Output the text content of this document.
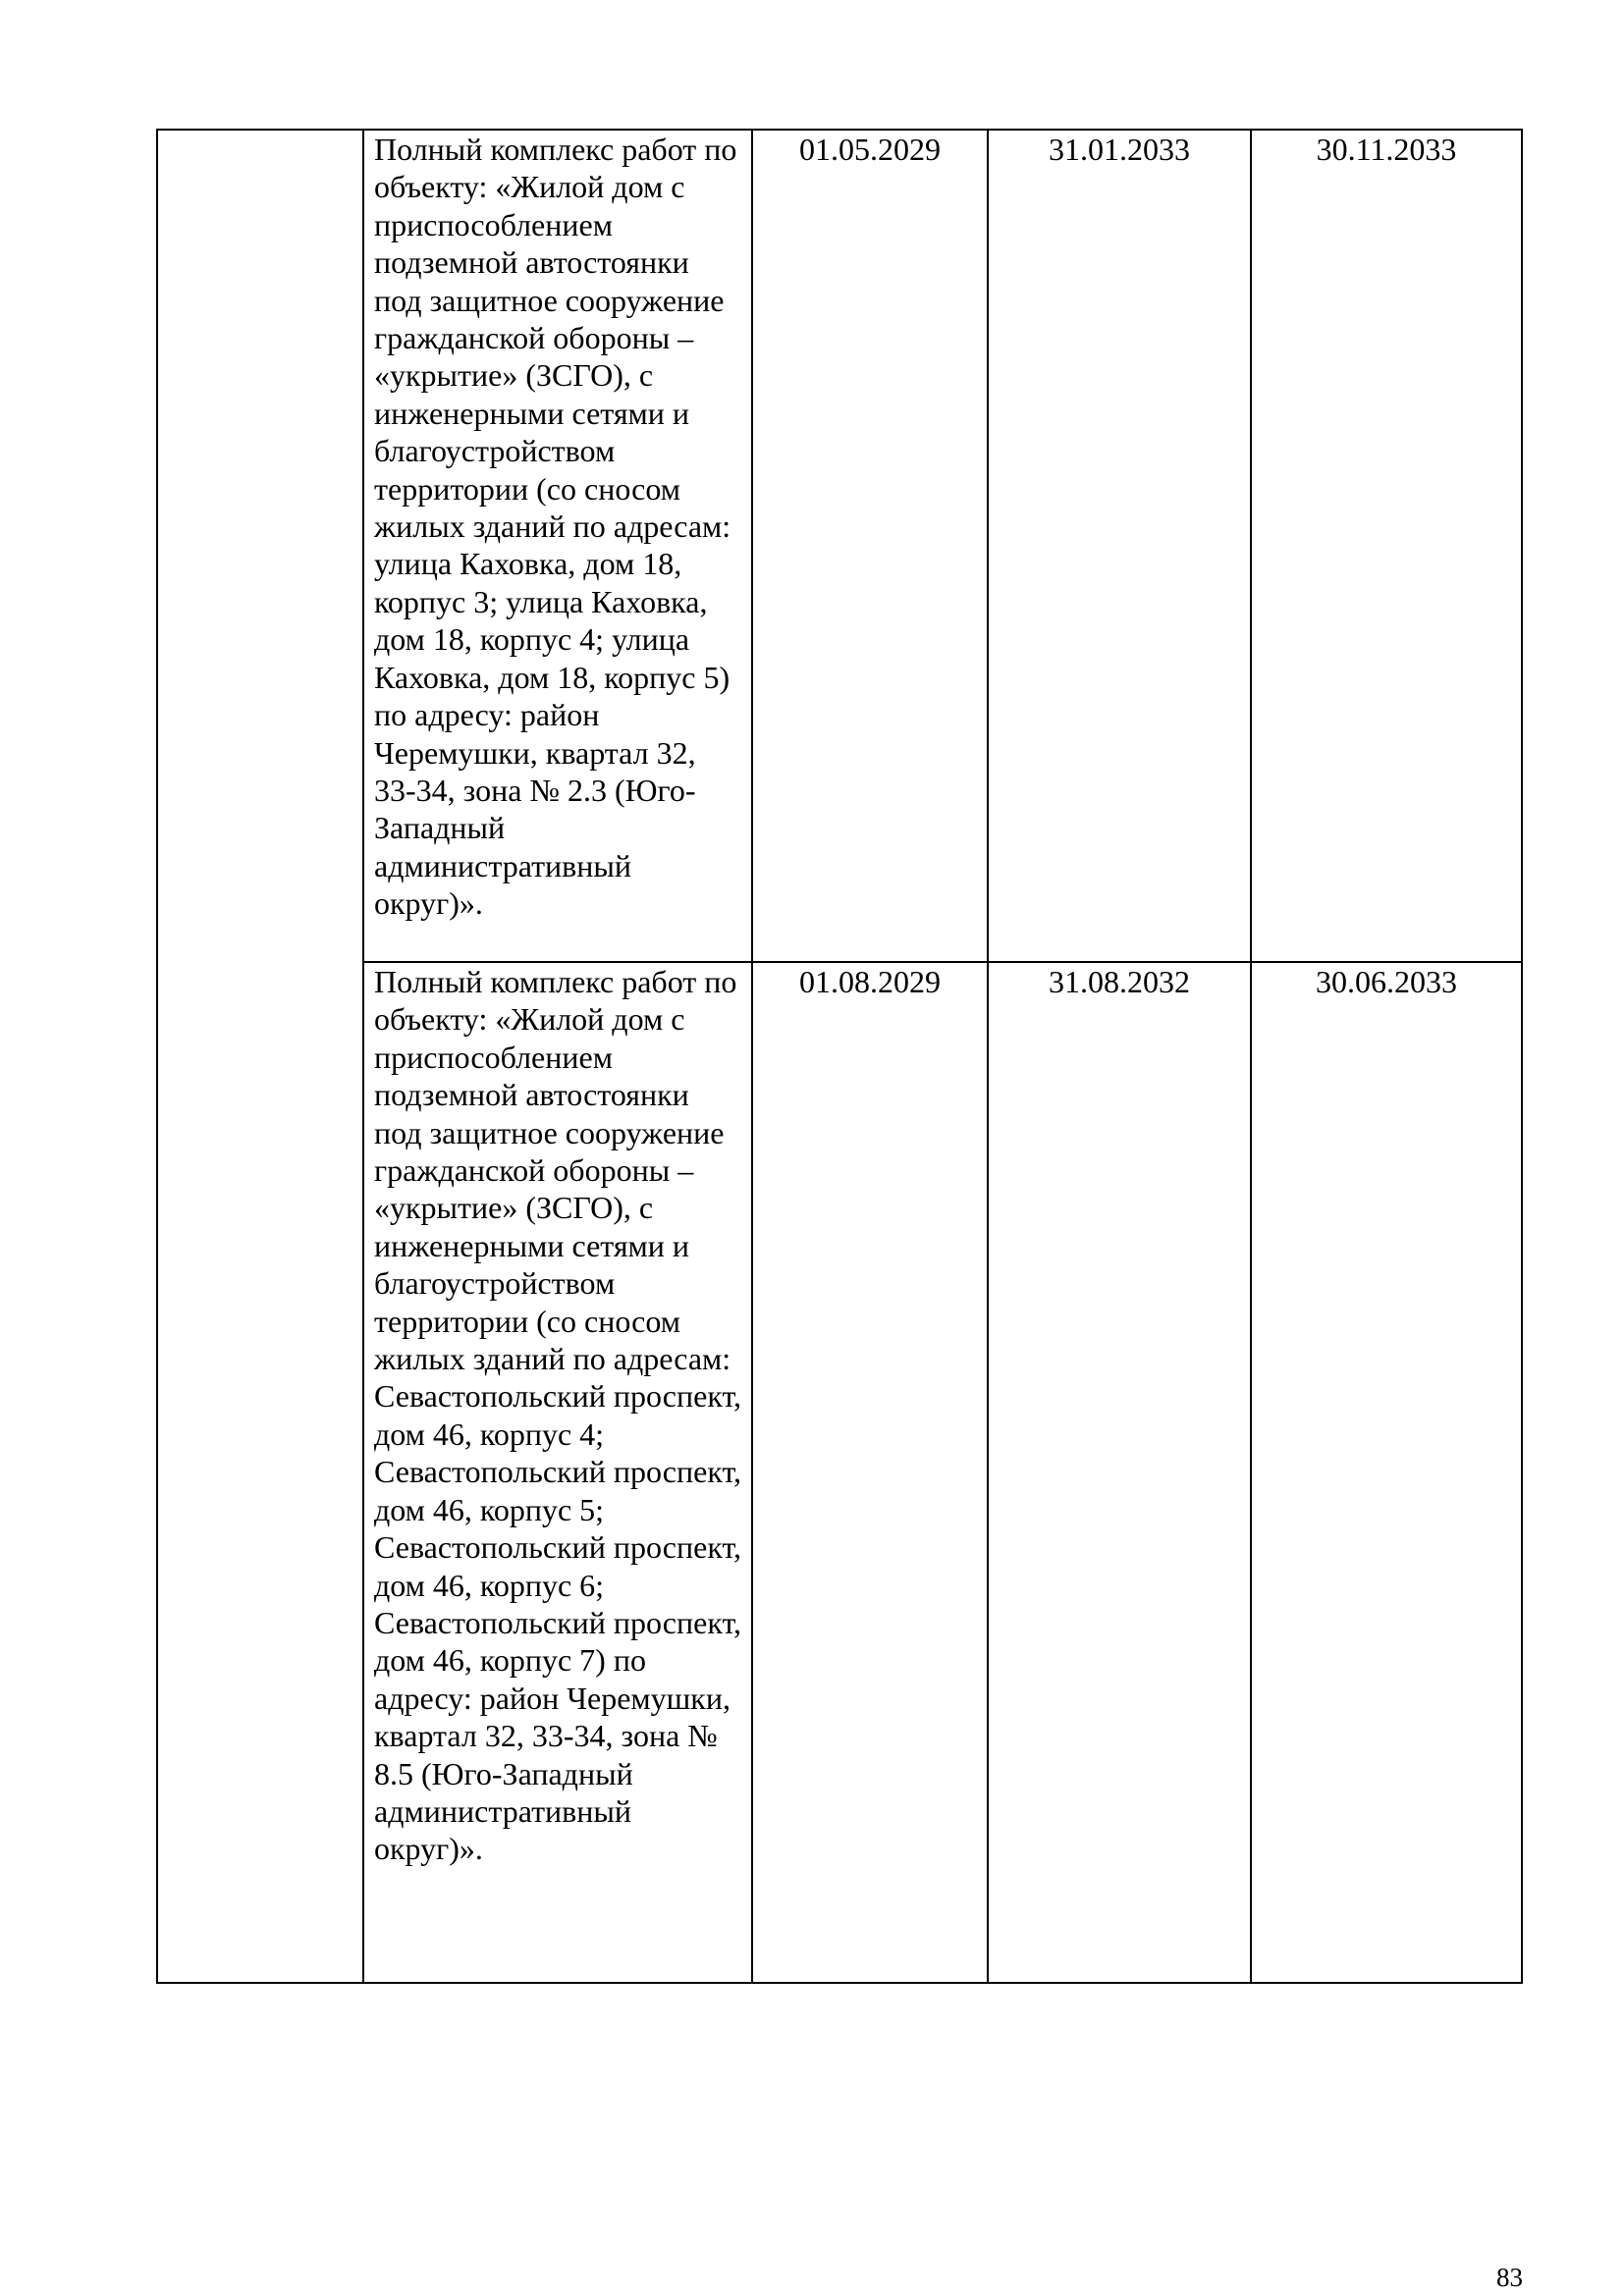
	Полный комплекс работ по объекту: «Жилой дом с приспособлением подземной автостоянки под защитное сооружение гражданской обороны – «укрытие» (ЗСГО), с инженерными сетями и благоустройством территории (со сносом жилых зданий по адресам: улица Каховка, дом 18, корпус 3; улица Каховка, дом 18, корпус 4; улица Каховка, дом 18, корпус 5) по адресу: район Черемушки, квартал 32, 33-34, зона № 2.3 (Юго-Западный административный округ)».	01.05.2029	31.01.2033	30.11.2033

	Полный комплекс работ по объекту: «Жилой дом с приспособлением подземной автостоянки под защитное сооружение гражданской обороны – «укрытие» (ЗСГО), с инженерными сетями и благоустройством территории (со сносом жилых зданий по адресам: Севастопольский проспект, дом 46, корпус 4; Севастопольский проспект, дом 46, корпус 5; Севастопольский проспект, дом 46, корпус 6; Севастопольский проспект, дом 46, корпус 7) по адресу: район Черемушки, квартал 32, 33-34, зона № 8.5 (Юго-Западный административный округ)».	01.08.2029	31.08.2032	30.06.2033
83
